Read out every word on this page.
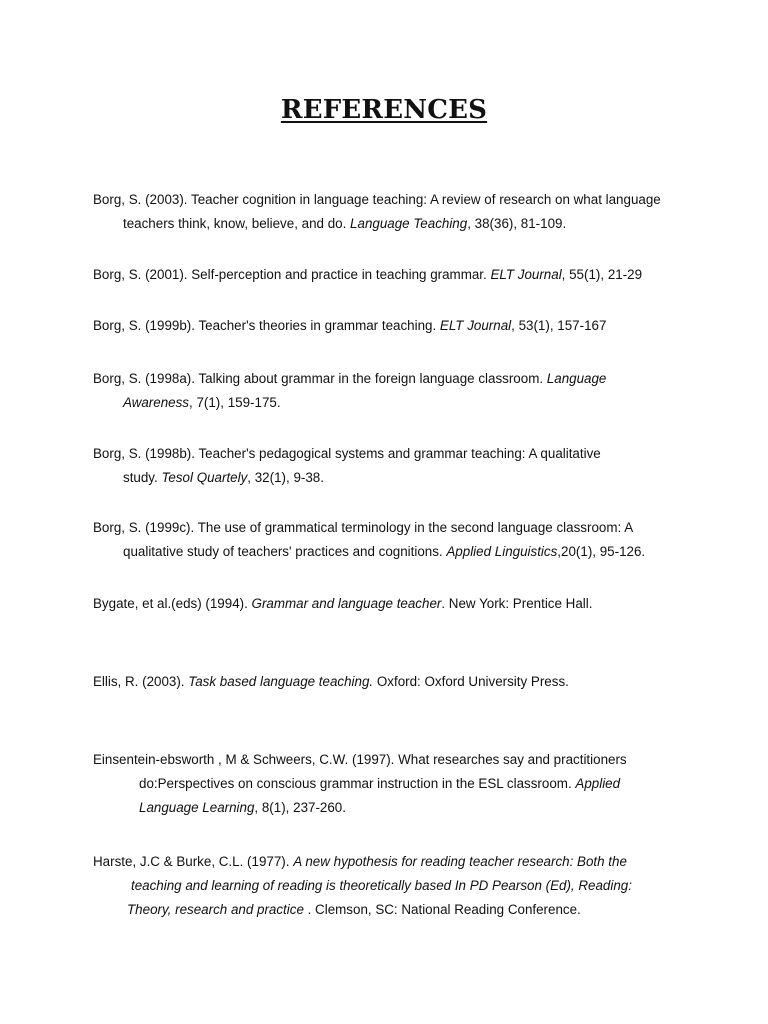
REFERENCES
Borg, S. (2003). Teacher cognition in language teaching: A review of research on what language
teachers think, know, believe, and do. Language Teaching, 38(36), 81-109.
Borg, S. (2001). Self-perception and practice in teaching grammar. ELT Journal, 55(1), 21-29
Borg, S. (1999b). Teacher's theories in grammar teaching. ELT Journal, 53(1), 157-167
Borg, S. (1998a). Talking about grammar in the foreign language classroom. Language
Awareness, 7(1), 159-175.
Borg, S. (1998b). Teacher's pedagogical systems and grammar teaching: A qualitative
study. Tesol Quartely, 32(1), 9-38.
Borg, S. (1999c). The use of grammatical terminology in the second language classroom: A
qualitative study of teachers' practices and cognitions. Applied Linguistics,20(1), 95-126.
Bygate, et al.(eds) (1994). Grammar and language teacher. New York: Prentice Hall.
Ellis, R. (2003). Task based language teaching. Oxford: Oxford University Press.
Einsentein-ebsworth , M & Schweers, C.W. (1997). What researches say and practitioners
do:Perspectives on conscious grammar instruction in the ESL classroom. Applied
Language Learning, 8(1), 237-260.
Harste, J.C & Burke, C.L. (1977). A new hypothesis for reading teacher research: Both the
teaching and learning of reading is theoretically based In PD Pearson (Ed), Reading:
Theory, research and practice . Clemson, SC: National Reading Conference.
